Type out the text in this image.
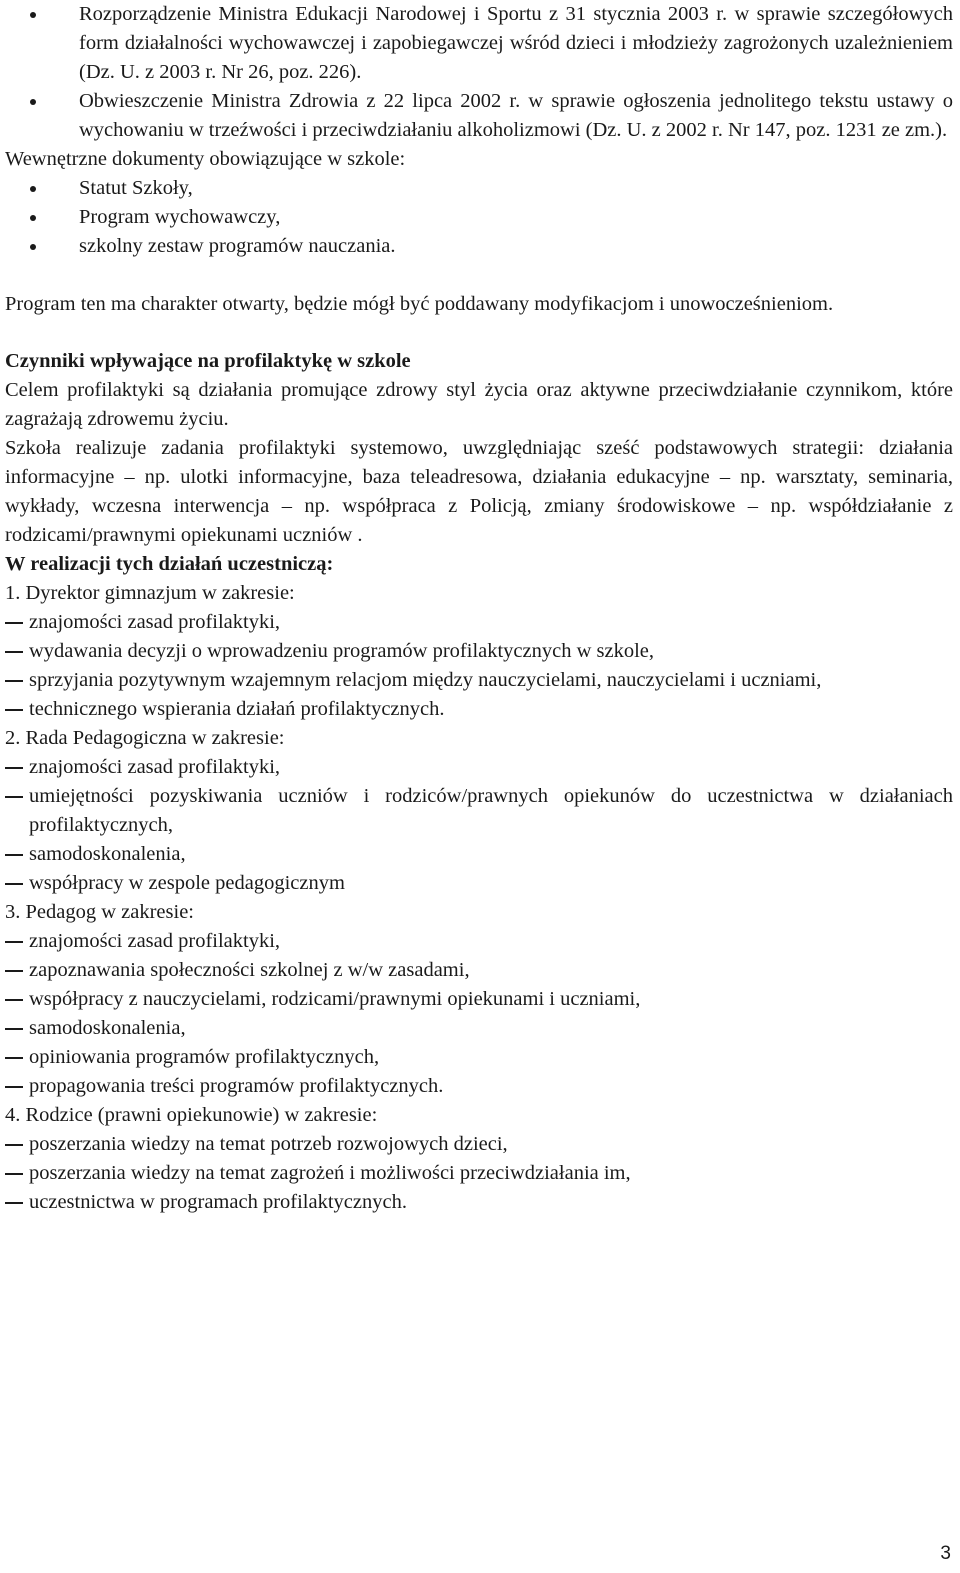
Rozporządzenie Ministra Edukacji Narodowej i Sportu z 31 stycznia 2003 r. w sprawie szczegółowych form działalności wychowawczej i zapobiegawczej wśród dzieci i młodzieży zagrożonych uzależnieniem (Dz. U. z 2003 r. Nr 26, poz. 226).
Obwieszczenie Ministra Zdrowia z 22 lipca 2002 r. w sprawie ogłoszenia jednolitego tekstu ustawy o wychowaniu w trzeźwości i przeciwdziałaniu alkoholizmowi (Dz. U. z 2002 r. Nr 147, poz. 1231 ze zm.).

Wewnętrzne dokumenty obowiązujące w szkole:

Statut Szkoły,
Program wychowawczy,
szkolny zestaw programów nauczania.

Program ten ma charakter otwarty, będzie mógł być poddawany modyfikacjom i unowocześnieniom.

Czynniki wpływające na profilaktykę w szkole

Celem profilaktyki są działania promujące zdrowy styl życia oraz aktywne przeciwdziałanie czynnikom, które zagrażają zdrowemu życiu.

Szkoła realizuje zadania profilaktyki systemowo, uwzględniając sześć podstawowych strategii: działania informacyjne – np. ulotki informacyjne, baza teleadresowa, działania edukacyjne – np. warsztaty, seminaria, wykłady, wczesna interwencja – np. współpraca z Policją, zmiany środowiskowe – np. współdziałanie z rodzicami/prawnymi opiekunami uczniów .

W realizacji tych działań uczestniczą:

1. Dyrektor gimnazjum w zakresie:

znajomości zasad profilaktyki,
wydawania decyzji o wprowadzeniu programów profilaktycznych w szkole,
sprzyjania pozytywnym wzajemnym relacjom między nauczycielami, nauczycielami i uczniami,
technicznego wspierania działań profilaktycznych.

2. Rada Pedagogiczna w zakresie:

znajomości zasad profilaktyki,
umiejętności pozyskiwania uczniów i rodziców/prawnych opiekunów do uczestnictwa w działaniach profilaktycznych,
samodoskonalenia,
współpracy w zespole pedagogicznym

3. Pedagog w zakresie:

znajomości zasad profilaktyki,
zapoznawania społeczności szkolnej z w/w zasadami,
współpracy z nauczycielami, rodzicami/prawnymi opiekunami i uczniami,
samodoskonalenia,
opiniowania programów profilaktycznych,
propagowania treści programów profilaktycznych.

4. Rodzice (prawni opiekunowie) w zakresie:

poszerzania wiedzy na temat potrzeb rozwojowych dzieci,
poszerzania wiedzy na temat zagrożeń i możliwości przeciwdziałania im,
uczestnictwa w programach profilaktycznych.
3
